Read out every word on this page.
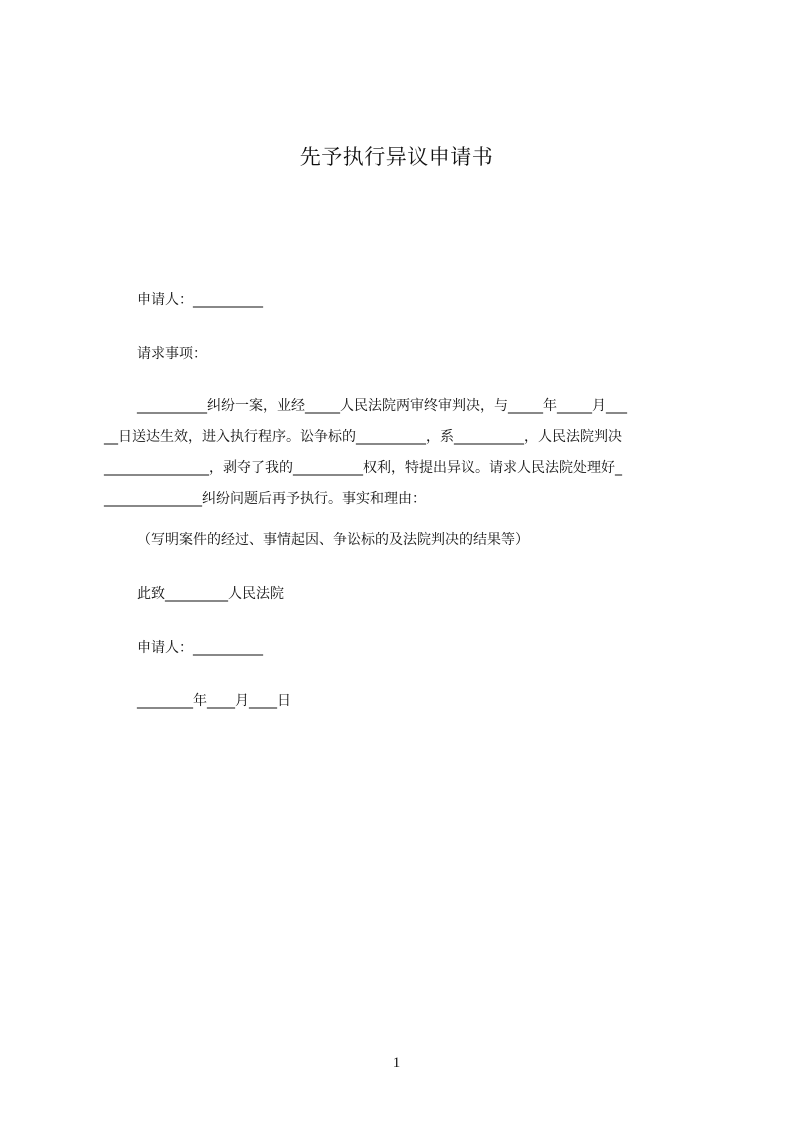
先予执行异议申请书

申请人：__________

请求事项：

__________纠纷一案，业经_____人民法院两审终审判决，与_____年_____月___
__日送达生效，进入执行程序。讼争标的__________，系__________，人民法院判决
_______________，剥夺了我的__________权利，特提出异议。请求人民法院处理好_
______________纠纷问题后再予执行。事实和理由：

（写明案件的经过、事情起因、争讼标的及法院判决的结果等）

此致_________人民法院

申请人：__________

________年____月____日

1
